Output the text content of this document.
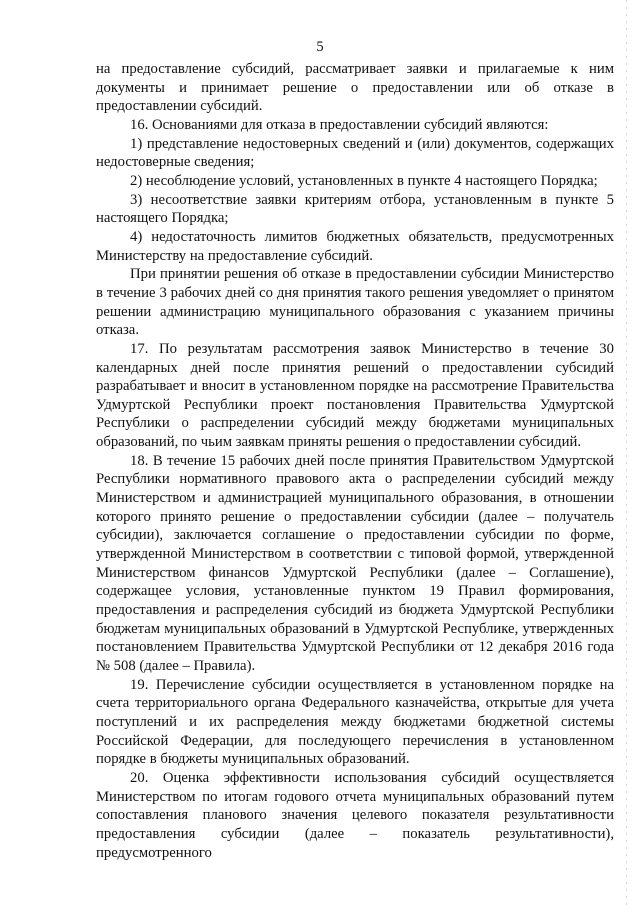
5

на предоставление субсидий, рассматривает заявки и прилагаемые к ним документы и принимает решение о предоставлении или об отказе в предоставлении субсидий.

16. Основаниями для отказа в предоставлении субсидий являются:

1) представление недостоверных сведений и (или) документов, содержащих недостоверные сведения;

2) несоблюдение условий, установленных в пункте 4 настоящего Порядка;

3) несоответствие заявки критериям отбора, установленным в пункте 5 настоящего Порядка;

4) недостаточность лимитов бюджетных обязательств, предусмотренных Министерству на предоставление субсидий.

При принятии решения об отказе в предоставлении субсидии Министерство в течение 3 рабочих дней со дня принятия такого решения уведомляет о принятом решении администрацию муниципального образования с указанием причины отказа.

17. По результатам рассмотрения заявок Министерство в течение 30 календарных дней после принятия решений о предоставлении субсидий разрабатывает и вносит в установленном порядке на рассмотрение Правительства Удмуртской Республики проект постановления Правительства Удмуртской Республики о распределении субсидий между бюджетами муниципальных образований, по чьим заявкам приняты решения о предоставлении субсидий.

18. В течение 15 рабочих дней после принятия Правительством Удмуртской Республики нормативного правового акта о распределении субсидий между Министерством и администрацией муниципального образования, в отношении которого принято решение о предоставлении субсидии (далее – получатель субсидии), заключается соглашение о предоставлении субсидии по форме, утвержденной Министерством в соответствии с типовой формой, утвержденной Министерством финансов Удмуртской Республики (далее – Соглашение), содержащее условия, установленные пунктом 19 Правил формирования, предоставления и распределения субсидий из бюджета Удмуртской Республики бюджетам муниципальных образований в Удмуртской Республике, утвержденных постановлением Правительства Удмуртской Республики от 12 декабря 2016 года № 508 (далее – Правила).

19. Перечисление субсидии осуществляется в установленном порядке на счета территориального органа Федерального казначейства, открытые для учета поступлений и их распределения между бюджетами бюджетной системы Российской Федерации, для последующего перечисления в установленном порядке в бюджеты муниципальных образований.

20. Оценка эффективности использования субсидий осуществляется Министерством по итогам годового отчета муниципальных образований путем сопоставления планового значения целевого показателя результативности предоставления субсидии (далее – показатель результативности), предусмотренного
